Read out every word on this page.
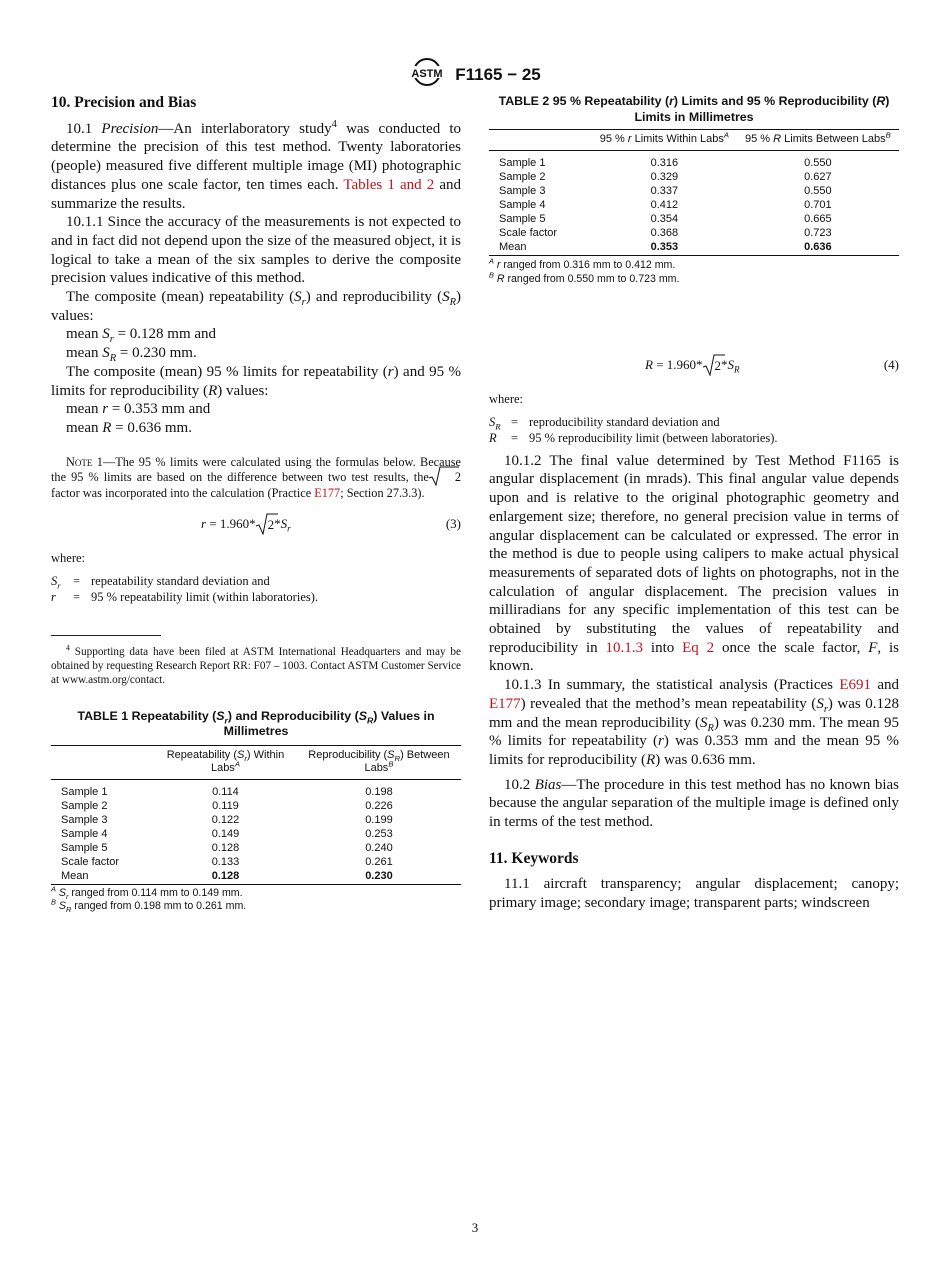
ASTM F1165 − 25

10. Precision and Bias

10.1 Precision—An interlaboratory study$^4$ was conducted to determine the precision of this test method. Twenty laboratories (people) measured five different multiple image (MI) photographic distances plus one scale factor, ten times each. Tables 1 and 2 and summarize the results.

10.1.1 Since the accuracy of the measurements is not expected to and in fact did not depend upon the size of the measured object, it is logical to take a mean of the six samples to derive the composite precision values indicative of this method.

The composite (mean) repeatability $(S_r)$ and reproducibility $(S_R)$ values:

mean $S_r = 0.128$ mm and

mean $S_R = 0.230$ mm.

The composite (mean) 95 % limits for repeatability (r) and 95 % limits for reproducibility (R) values:

mean r = 0.353 mm and

mean R = 0.636 mm.

Note 1—The 95 % limits were calculated using the formulas below. Because the 95 % limits are based on the difference between two test results, the 2 factor was incorporated into the calculation (Practice E177; Section 27.3.3).

r = 1.960* $2*S_r$	(3)

where:

$S_r$ = repeatability standard deviation and
r	= 95 % repeatability limit (within laboratories).

$^4$ Supporting data have been filed at ASTM International Headquarters and may be obtained by requesting Research Report RR: F07 – 1003. Contact ASTM Customer Service at www.astm.org/contact.

TABLE 1 Repeatability $(S_r)$ and Reproducibility $(S_R)$ Values in Millimetres
	Repeatability $(S_r)$ Within Labs$^A$	Reproducibility $(S_R)$ Between Labs$^B$
Sample 1	0.114	0.198
Sample 2	0.119	0.226
Sample 3	0.122	0.199
Sample 4	0.149	0.253
Sample 5	0.128	0.240
Scale factor	0.133	0.261
Mean	0.128	0.230
$^A$ $S_r$ ranged from 0.114 mm to 0.149 mm.
$^B$ $S_R$ ranged from 0.198 mm to 0.261 mm.
TABLE 2 95 % Repeatability (r) Limits and 95 % Reproducibility (R) Limits in Millimetres
	95 % r Limits Within Labs$^A$	95 % R Limits Between Labs$^B$
Sample 1	0.316	0.550
Sample 2	0.329	0.627
Sample 3	0.337	0.550
Sample 4	0.412	0.701
Sample 5	0.354	0.665
Scale factor	0.368	0.723
Mean	0.353	0.636
$^A$ r ranged from 0.316 mm to 0.412 mm.
$^B$ R ranged from 0.550 mm to 0.723 mm.
R = 1.960* $2*S_R$	(4)

where:

$S_R$ = reproducibility standard deviation and
R	= 95 % reproducibility limit (between laboratories).

10.1.2 The final value determined by Test Method F1165 is angular displacement (in mrads). This final angular value depends upon and is relative to the original photographic geometry and enlargement size; therefore, no general precision value in terms of angular displacement can be calculated or expressed. The error in the method is due to people using calipers to make actual physical measurements of separated dots of lights on photographs, not in the calculation of angular displacement. The precision values in milliradians for any specific implementation of this test can be obtained by substituting the values of repeatability and reproducibility in 10.1.3 into Eq 2 once the scale factor, F, is known.

10.1.3 In summary, the statistical analysis (Practices E691 and E177) revealed that the method’s mean repeatability $(S_r)$ was 0.128 mm and the mean reproducibility $(S_R)$ was 0.230 mm. The mean 95 % limits for repeatability (r) was 0.353 mm and the mean 95 % limits for reproducibility (R) was 0.636 mm.

10.2 Bias—The procedure in this test method has no known bias because the angular separation of the multiple image is defined only in terms of the test method.

11. Keywords

11.1 aircraft transparency; angular displacement; canopy; primary image; secondary image; transparent parts; windscreen

3
